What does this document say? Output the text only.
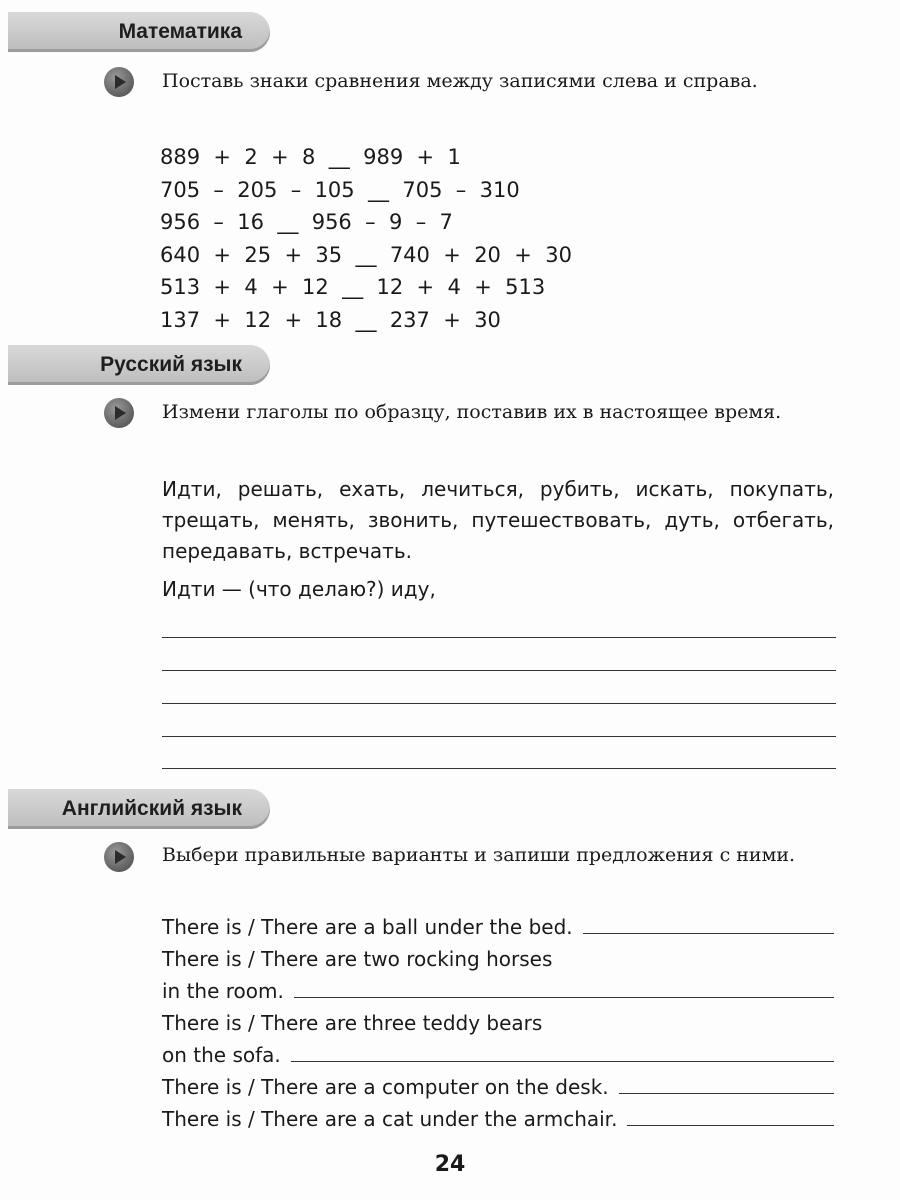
Математика
Поставь знаки сравнения между записями слева и справа.
889  +  2  +  8  __  989  +  1
705  –  205  –  105  __  705  –  310
956  –  16  __  956  –  9  –  7
640  +  25  +  35  __  740  +  20  +  30
513  +  4  +  12  __  12  +  4  +  513
137  +  12  +  18  __  237  +  30
Русский язык
Измени глаголы по образцу, поставив их в настоящее время.
Идти, решать, ехать, лечиться, рубить, искать, покупать, трещать, менять, звонить, путешествовать, дуть, отбегать, передавать, встречать.
Идти — (что делаю?) иду,
Английский язык
Выбери правильные варианты и запиши предложения с ними.
There is / There are a ball under the bed.
There is / There are two rocking horses
in the room.
There is / There are three teddy bears
on the sofa.
There is / There are a computer on the desk.
There is / There are a cat under the armchair.
24
